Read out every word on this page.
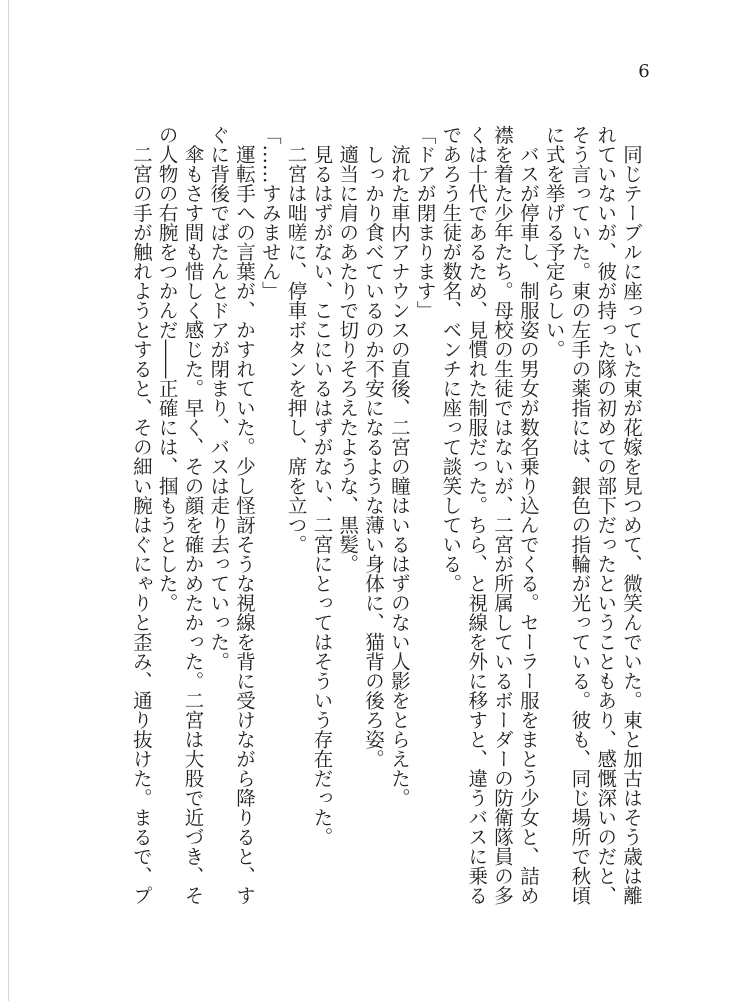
6
　同じテーブルに座っていた東が花嫁を見つめて、微笑んでいた。東と加古はそう歳は離
れていないが、彼が持った隊の初めての部下だったということもあり、感慨深いのだと、
そう言っていた。東の左手の薬指には、銀色の指輪が光っている。彼も、同じ場所で秋頃
に式を挙げる予定らしい。
　バスが停車し、制服姿の男女が数名乗り込んでくる。セーラー服をまとう少女と、詰め
襟を着た少年たち。母校の生徒ではないが、二宮が所属しているボーダーの防衛隊員の多
くは十代であるため、見慣れた制服だった。ちら、と視線を外に移すと、違うバスに乗る
であろう生徒が数名、ベンチに座って談笑している。
「ドアが閉まります」
　流れた車内アナウンスの直後、二宮の瞳はいるはずのない人影をとらえた。
　しっかり食べているのか不安になるような薄い身体に、猫背の後ろ姿。
　適当に肩のあたりで切りそろえたような、黒髪。
　見るはずがない、ここにいるはずがない、二宮にとってはそういう存在だった。
　二宮は咄嗟に、停車ボタンを押し、席を立つ。
「……すみません」
　運転手への言葉が、かすれていた。少し怪訝そうな視線を背に受けながら降りると、す
ぐに背後でばたんとドアが閉まり、バスは走り去っていった。
　傘もさす間も惜しく感じた。早く、その顔を確かめたかった。二宮は大股で近づき、そ
の人物の右腕をつかんだ――正確には、掴もうとした。
　二宮の手が触れようとすると、その細い腕はぐにゃりと歪み、通り抜けた。まるで、プ
